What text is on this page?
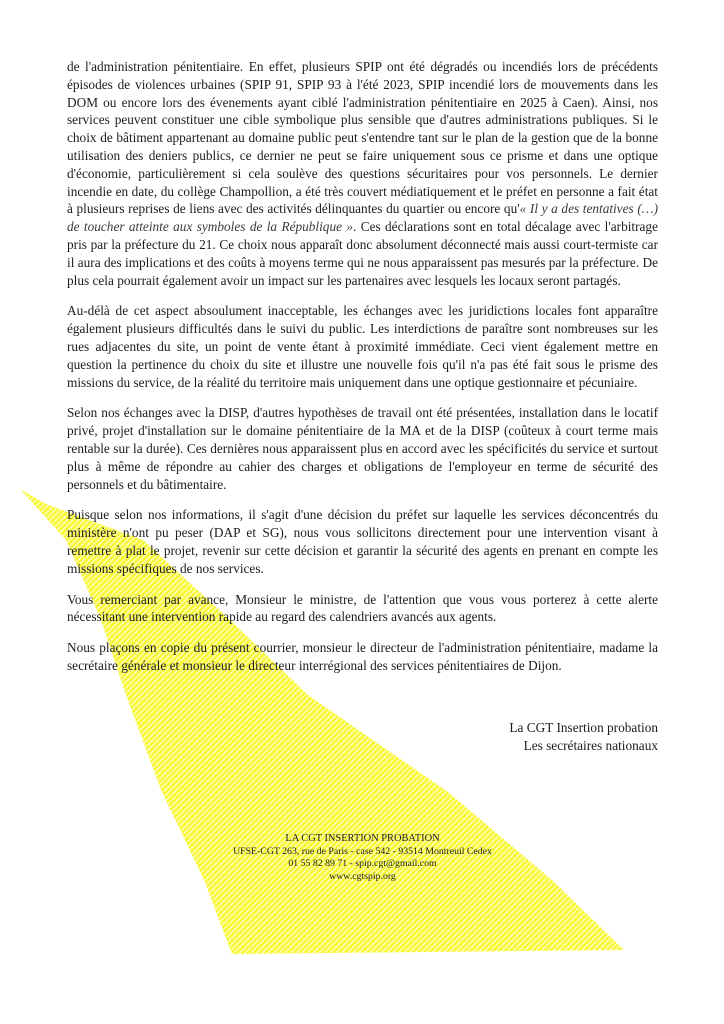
de l'administration pénitentiaire. En effet, plusieurs SPIP ont été dégradés ou incendiés lors de précédents épisodes de violences urbaines (SPIP 91, SPIP 93 à l'été 2023, SPIP incendié lors de mouvements dans les DOM ou encore lors des évenements ayant ciblé l'administration pénitentiaire en 2025 à Caen). Ainsi, nos services peuvent constituer une cible symbolique plus sensible que d'autres administrations publiques. Si le choix de bâtiment appartenant au domaine public peut s'entendre tant sur le plan de la gestion que de la bonne utilisation des deniers publics, ce dernier ne peut se faire uniquement sous ce prisme et dans une optique d'économie, particulièrement si cela soulève des questions sécuritaires pour vos personnels. Le dernier incendie en date, du collège Champollion, a été très couvert médiatiquement et le préfet en personne a fait état à plusieurs reprises de liens avec des activités délinquantes du quartier ou encore qu'« Il y a des tentatives (…) de toucher atteinte aux symboles de la République ». Ces déclarations sont en total décalage avec l'arbitrage pris par la préfecture du 21. Ce choix nous apparaît donc absolument déconnecté mais aussi court-termiste car il aura des implications et des coûts à moyens terme qui ne nous apparaissent pas mesurés par la préfecture. De plus cela pourrait également avoir un impact sur les partenaires avec lesquels les locaux seront partagés.

Au-délà de cet aspect absoulument inacceptable, les échanges avec les juridictions locales font apparaître également plusieurs difficultés dans le suivi du public. Les interdictions de paraître sont nombreuses sur les rues adjacentes du site, un point de vente étant à proximité immédiate. Ceci vient également mettre en question la pertinence du choix du site et illustre une nouvelle fois qu'il n'a pas été fait sous le prisme des missions du service, de la réalité du territoire mais uniquement dans une optique gestionnaire et pécuniaire.

Selon nos échanges avec la DISP, d'autres hypothèses de travail ont été présentées, installation dans le locatif privé, projet d'installation sur le domaine pénitentiaire de la MA et de la DISP (coûteux à court terme mais rentable sur la durée). Ces dernières nous apparaissent plus en accord avec les spécificités du service et surtout plus à même de répondre au cahier des charges et obligations de l'employeur en terme de sécurité des personnels et du bâtimentaire.

Puisque selon nos informations, il s'agit d'une décision du préfet sur laquelle les services déconcentrés du ministère n'ont pu peser (DAP et SG), nous vous sollicitons directement pour une intervention visant à remettre à plat le projet, revenir sur cette décision et garantir la sécurité des agents en prenant en compte les missions spécifiques de nos services.

Vous remerciant par avance, Monsieur le ministre, de l'attention que vous vous porterez à cette alerte nécessitant une intervention rapide au regard des calendriers avancés aux agents.

Nous plaçons en copie du présent courrier, monsieur le directeur de l'administration pénitentiaire, madame la secrétaire générale et monsieur le directeur interrégional des services pénitentiaires de Dijon.

La CGT Insertion probation
Les secrétaires nationaux
LA CGT INSERTION PROBATION
UFSE-CGT 263, rue de Paris - case 542 - 93514 Montreuil Cedex
01 55 82 89 71 - spip.cgt@gmail.com
www.cgtspip.org
